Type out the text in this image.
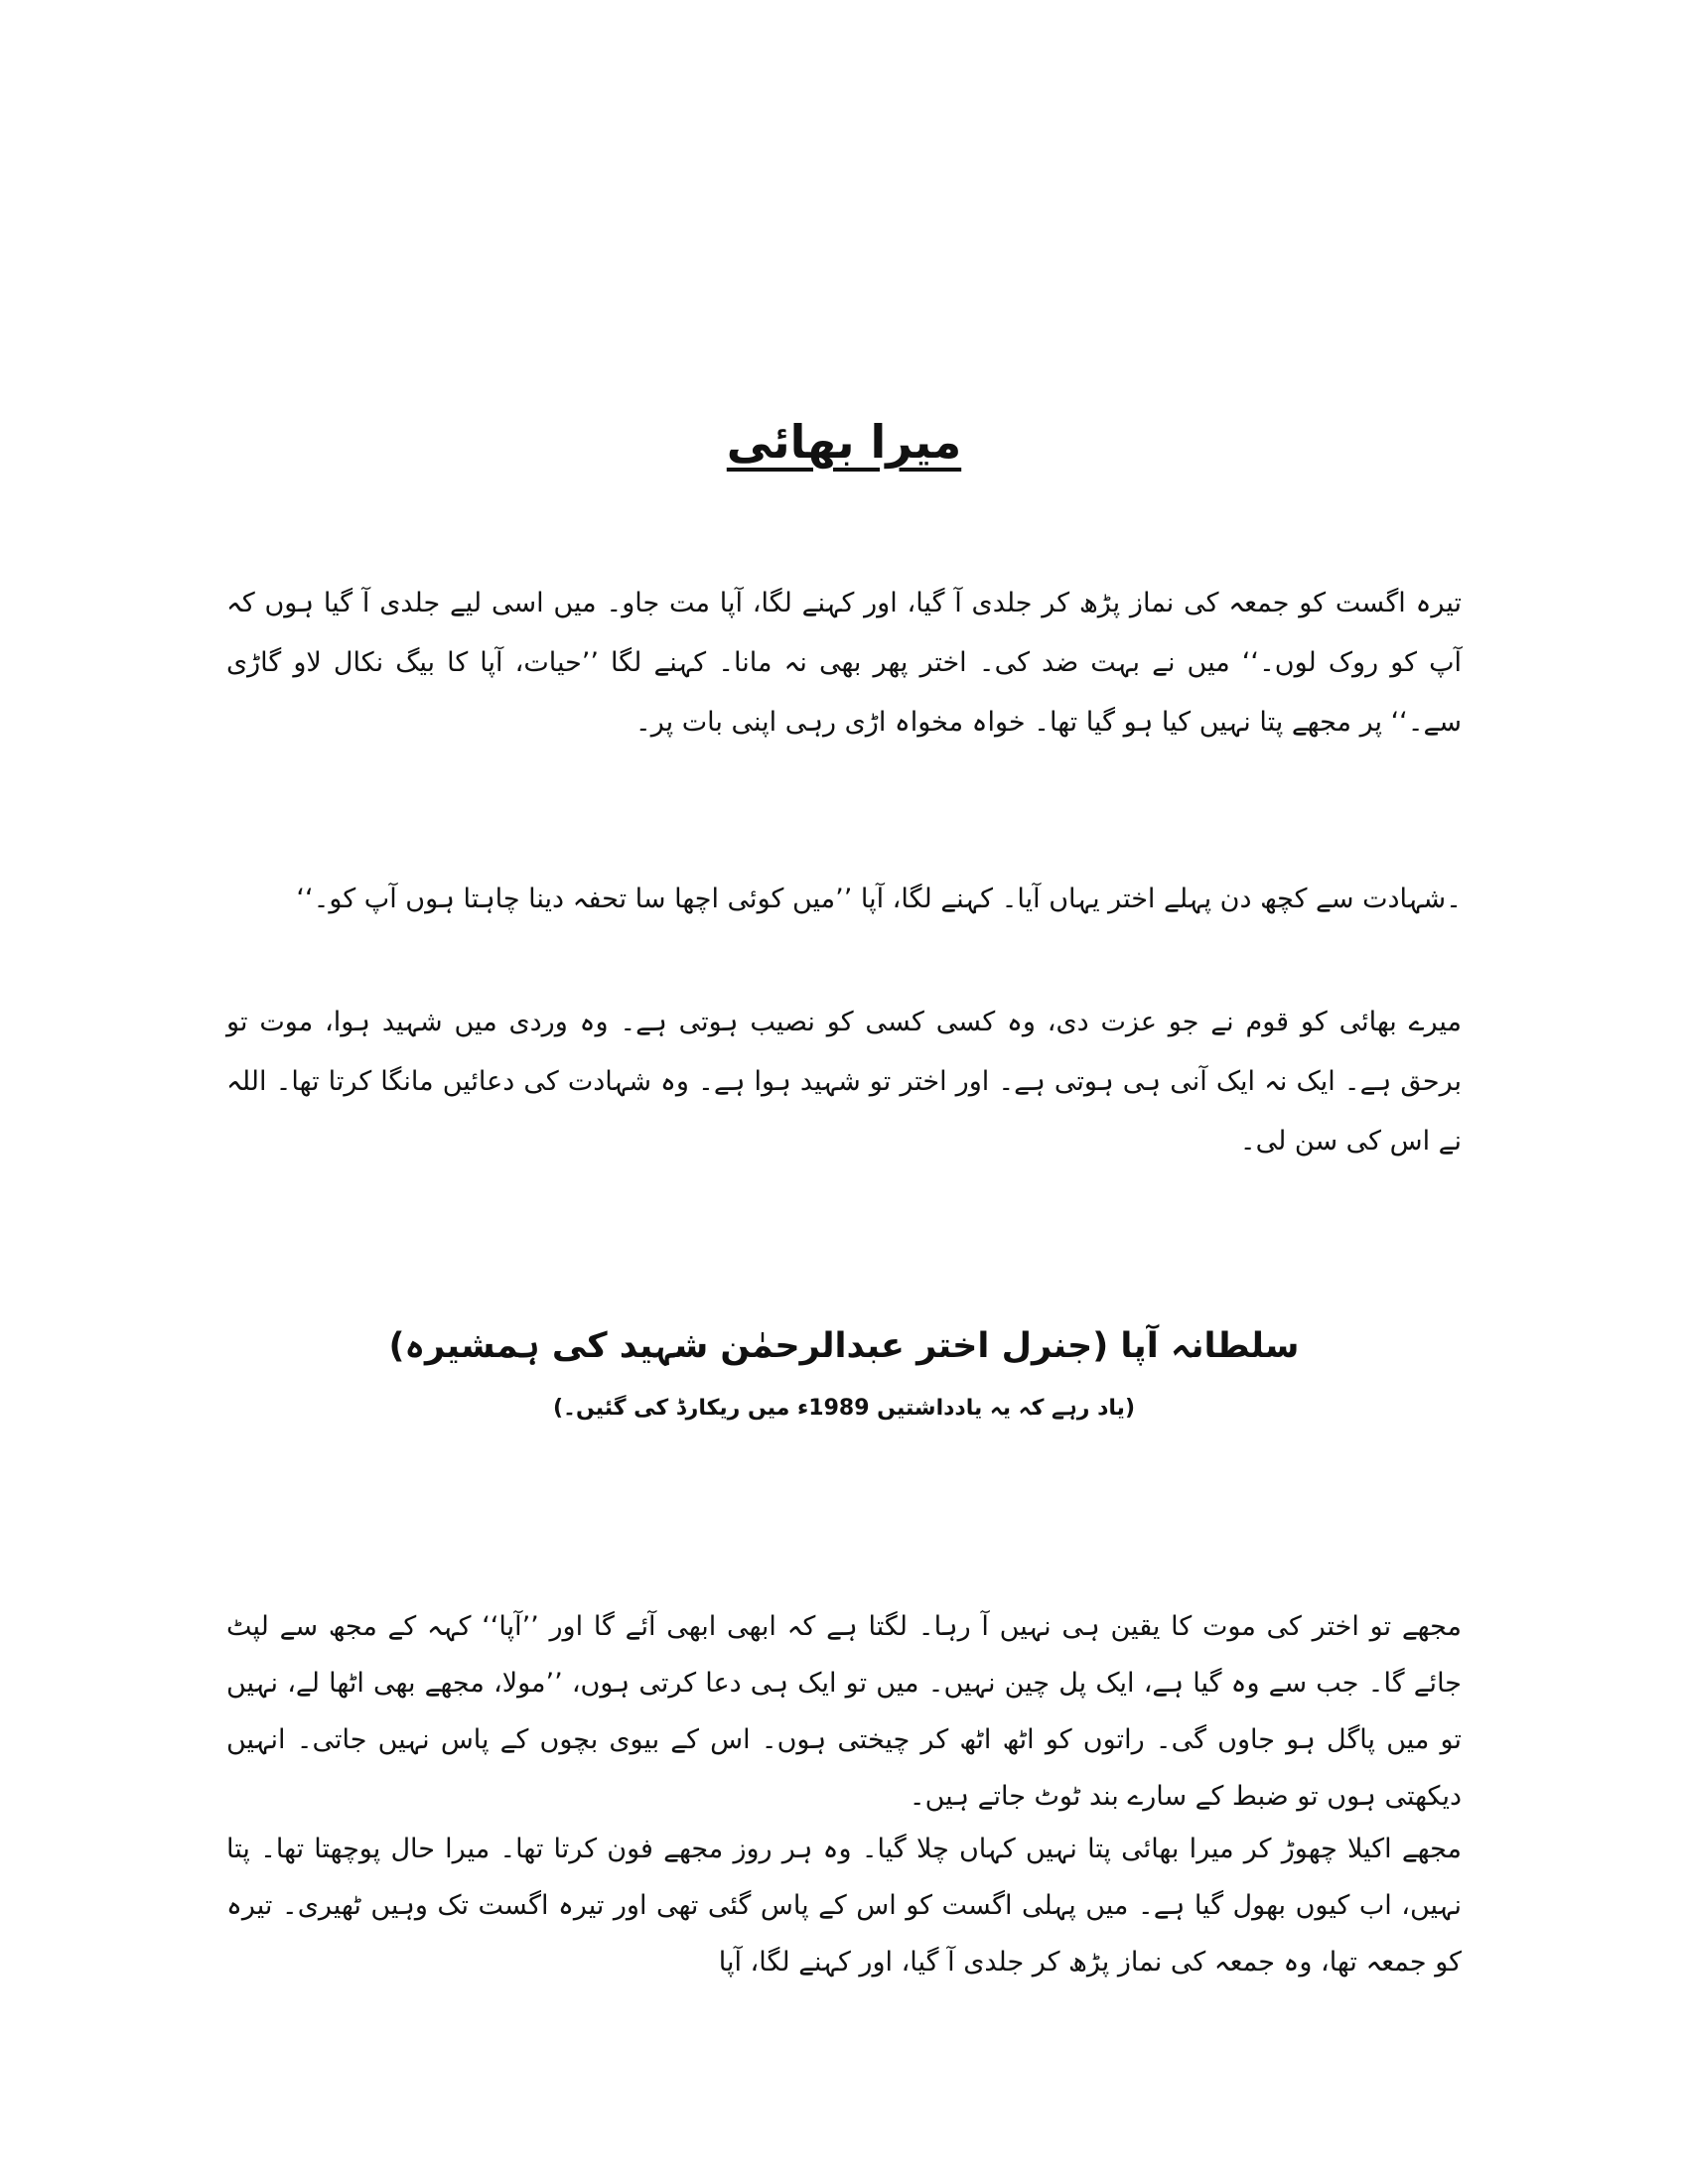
میرا بھائی

تیرہ اگست کو جمعہ کی نماز پڑھ کر جلدی آ گیا، اور کہنے لگا، آپا مت جاو۔ میں اسی لیے جلدی آ گیا ہوں کہ آپ کو روک لوں۔‘‘ میں نے بہت ضد کی۔ اختر پھر بھی نہ مانا۔ کہنے لگا ’’حیات، آپا کا بیگ نکال لاو گاڑی سے۔‘‘ پر مجھے پتا نہیں کیا ہو گیا تھا۔ خواہ مخواہ اڑی رہی اپنی بات پر۔

۔شہادت سے کچھ دن پہلے اختر یہاں آیا۔ کہنے لگا، آپا ’’میں کوئی اچھا سا تحفہ دینا چاہتا ہوں آپ کو۔‘‘

میرے بھائی کو قوم نے جو عزت دی، وہ کسی کسی کو نصیب ہوتی ہے۔ وہ وردی میں شہید ہوا، موت تو برحق ہے۔ ایک نہ ایک آنی ہی ہوتی ہے۔ اور اختر تو شہید ہوا ہے۔ وہ شہادت کی دعائیں مانگا کرتا تھا۔ اللہ نے اس کی سن لی۔

سلطانہ آپا (جنرل اختر عبدالرحمٰن شہید کی ہمشیرہ)
(یاد رہے کہ یہ یادداشتیں 1989ء میں ریکارڈ کی گئیں۔)

مجھے تو اختر کی موت کا یقین ہی نہیں آ رہا۔ لگتا ہے کہ ابھی ابھی آئے گا اور ’’آپا‘‘ کہہ کے مجھ سے لپٹ جائے گا۔ جب سے وہ گیا ہے، ایک پل چین نہیں۔ میں تو ایک ہی دعا کرتی ہوں، ’’مولا، مجھے بھی اٹھا لے، نہیں تو میں پاگل ہو جاوں گی۔ راتوں کو اٹھ اٹھ کر چیختی ہوں۔ اس کے بیوی بچوں کے پاس نہیں جاتی۔ انہیں دیکھتی ہوں تو ضبط کے سارے بند ٹوٹ جاتے ہیں۔

مجھے اکیلا چھوڑ کر میرا بھائی پتا نہیں کہاں چلا گیا۔ وہ ہر روز مجھے فون کرتا تھا۔ میرا حال پوچھتا تھا۔ پتا نہیں، اب کیوں بھول گیا ہے۔ میں پہلی اگست کو اس کے پاس گئی تھی اور تیرہ اگست تک وہیں ٹھیری۔ تیرہ کو جمعہ تھا، وہ جمعہ کی نماز پڑھ کر جلدی آ گیا، اور کہنے لگا، آپا
